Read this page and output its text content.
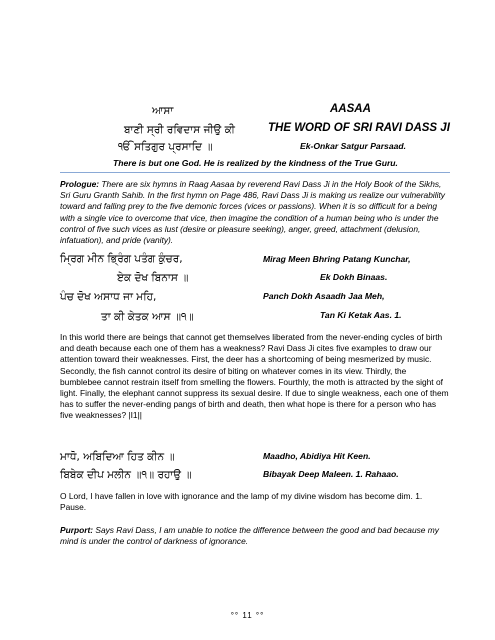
ਆਸਾ	AASAA
ਬਾਣੀ ਸ੍ਰੀ ਰਵਿਦਾਸ ਜੀਉ ਕੀ	THE WORD OF SRI RAVI DASS JI
ੴ ਸਤਿਗੁਰ ਪ੍ਰਸਾਦਿ ॥	Ek-Onkar Satgur Parsaad.
There is but one God. He is realized by the kindness of the True Guru.
Prologue: There are six hymns in Raag Aasaa by reverend Ravi Dass Ji in the Holy Book of the Sikhs, Sri Guru Granth Sahib. In the first hymn on Page 486, Ravi Dass Ji is making us realize our vulnerability toward and falling prey to the five demonic forces (vices or passions). When it is so difficult for a being with a single vice to overcome that vice, then imagine the condition of a human being who is under the control of five such vices as lust (desire or pleasure seeking), anger, greed, attachment (delusion, infatuation), and pride (vanity).
ਮ੍ਰਿਗ ਮੀਨ ਭ੍ਰਿੰਗ ਪਤੰਗ ਕੁੰਚਰ,	Mirag Meen Bhring Patang Kunchar,
ਏਕ ਦੋਖ ਬਿਨਾਸ ॥	Ek Dokh Binaas.
ਪੰਚ ਦੋਖ ਅਸਾਧ ਜਾ ਮਹਿ,	Panch Dokh Asaadh Jaa Meh,
ਤਾ ਕੀ ਕੇਤਕ ਆਸ ॥੧॥	Tan Ki Ketak Aas. 1.
In this world there are beings that cannot get themselves liberated from the never-ending cycles of birth and death because each one of them has a weakness? Ravi Dass Ji cites five examples to draw our attention toward their weaknesses. First, the deer has a shortcoming of being mesmerized by music. Secondly, the fish cannot control its desire of biting on whatever comes in its view. Thirdly, the bumblebee cannot restrain itself from smelling the flowers. Fourthly, the moth is attracted by the sight of light. Finally, the elephant cannot suppress its sexual desire. If due to single weakness, each one of them has to suffer the never-ending pangs of birth and death, then what hope is there for a person who has five weaknesses? |I1||
ਮਾਧੋ, ਅਬਿਦਿਆ ਹਿਤ ਕੀਨ ॥	Maadho, Abidiya Hit Keen.
ਬਿਬੇਕ ਦੀਪ ਮਲੀਨ ॥੧॥ ਰਹਾਉ ॥	Bibayak Deep Maleen. 1. Rahaao.
O Lord, I have fallen in love with ignorance and the lamp of my divine wisdom has become dim. 1. Pause.
Purport: Says Ravi Dass, I am unable to notice the difference between the good and bad because my mind is under the control of darkness of ignorance.
°° 11 °°
